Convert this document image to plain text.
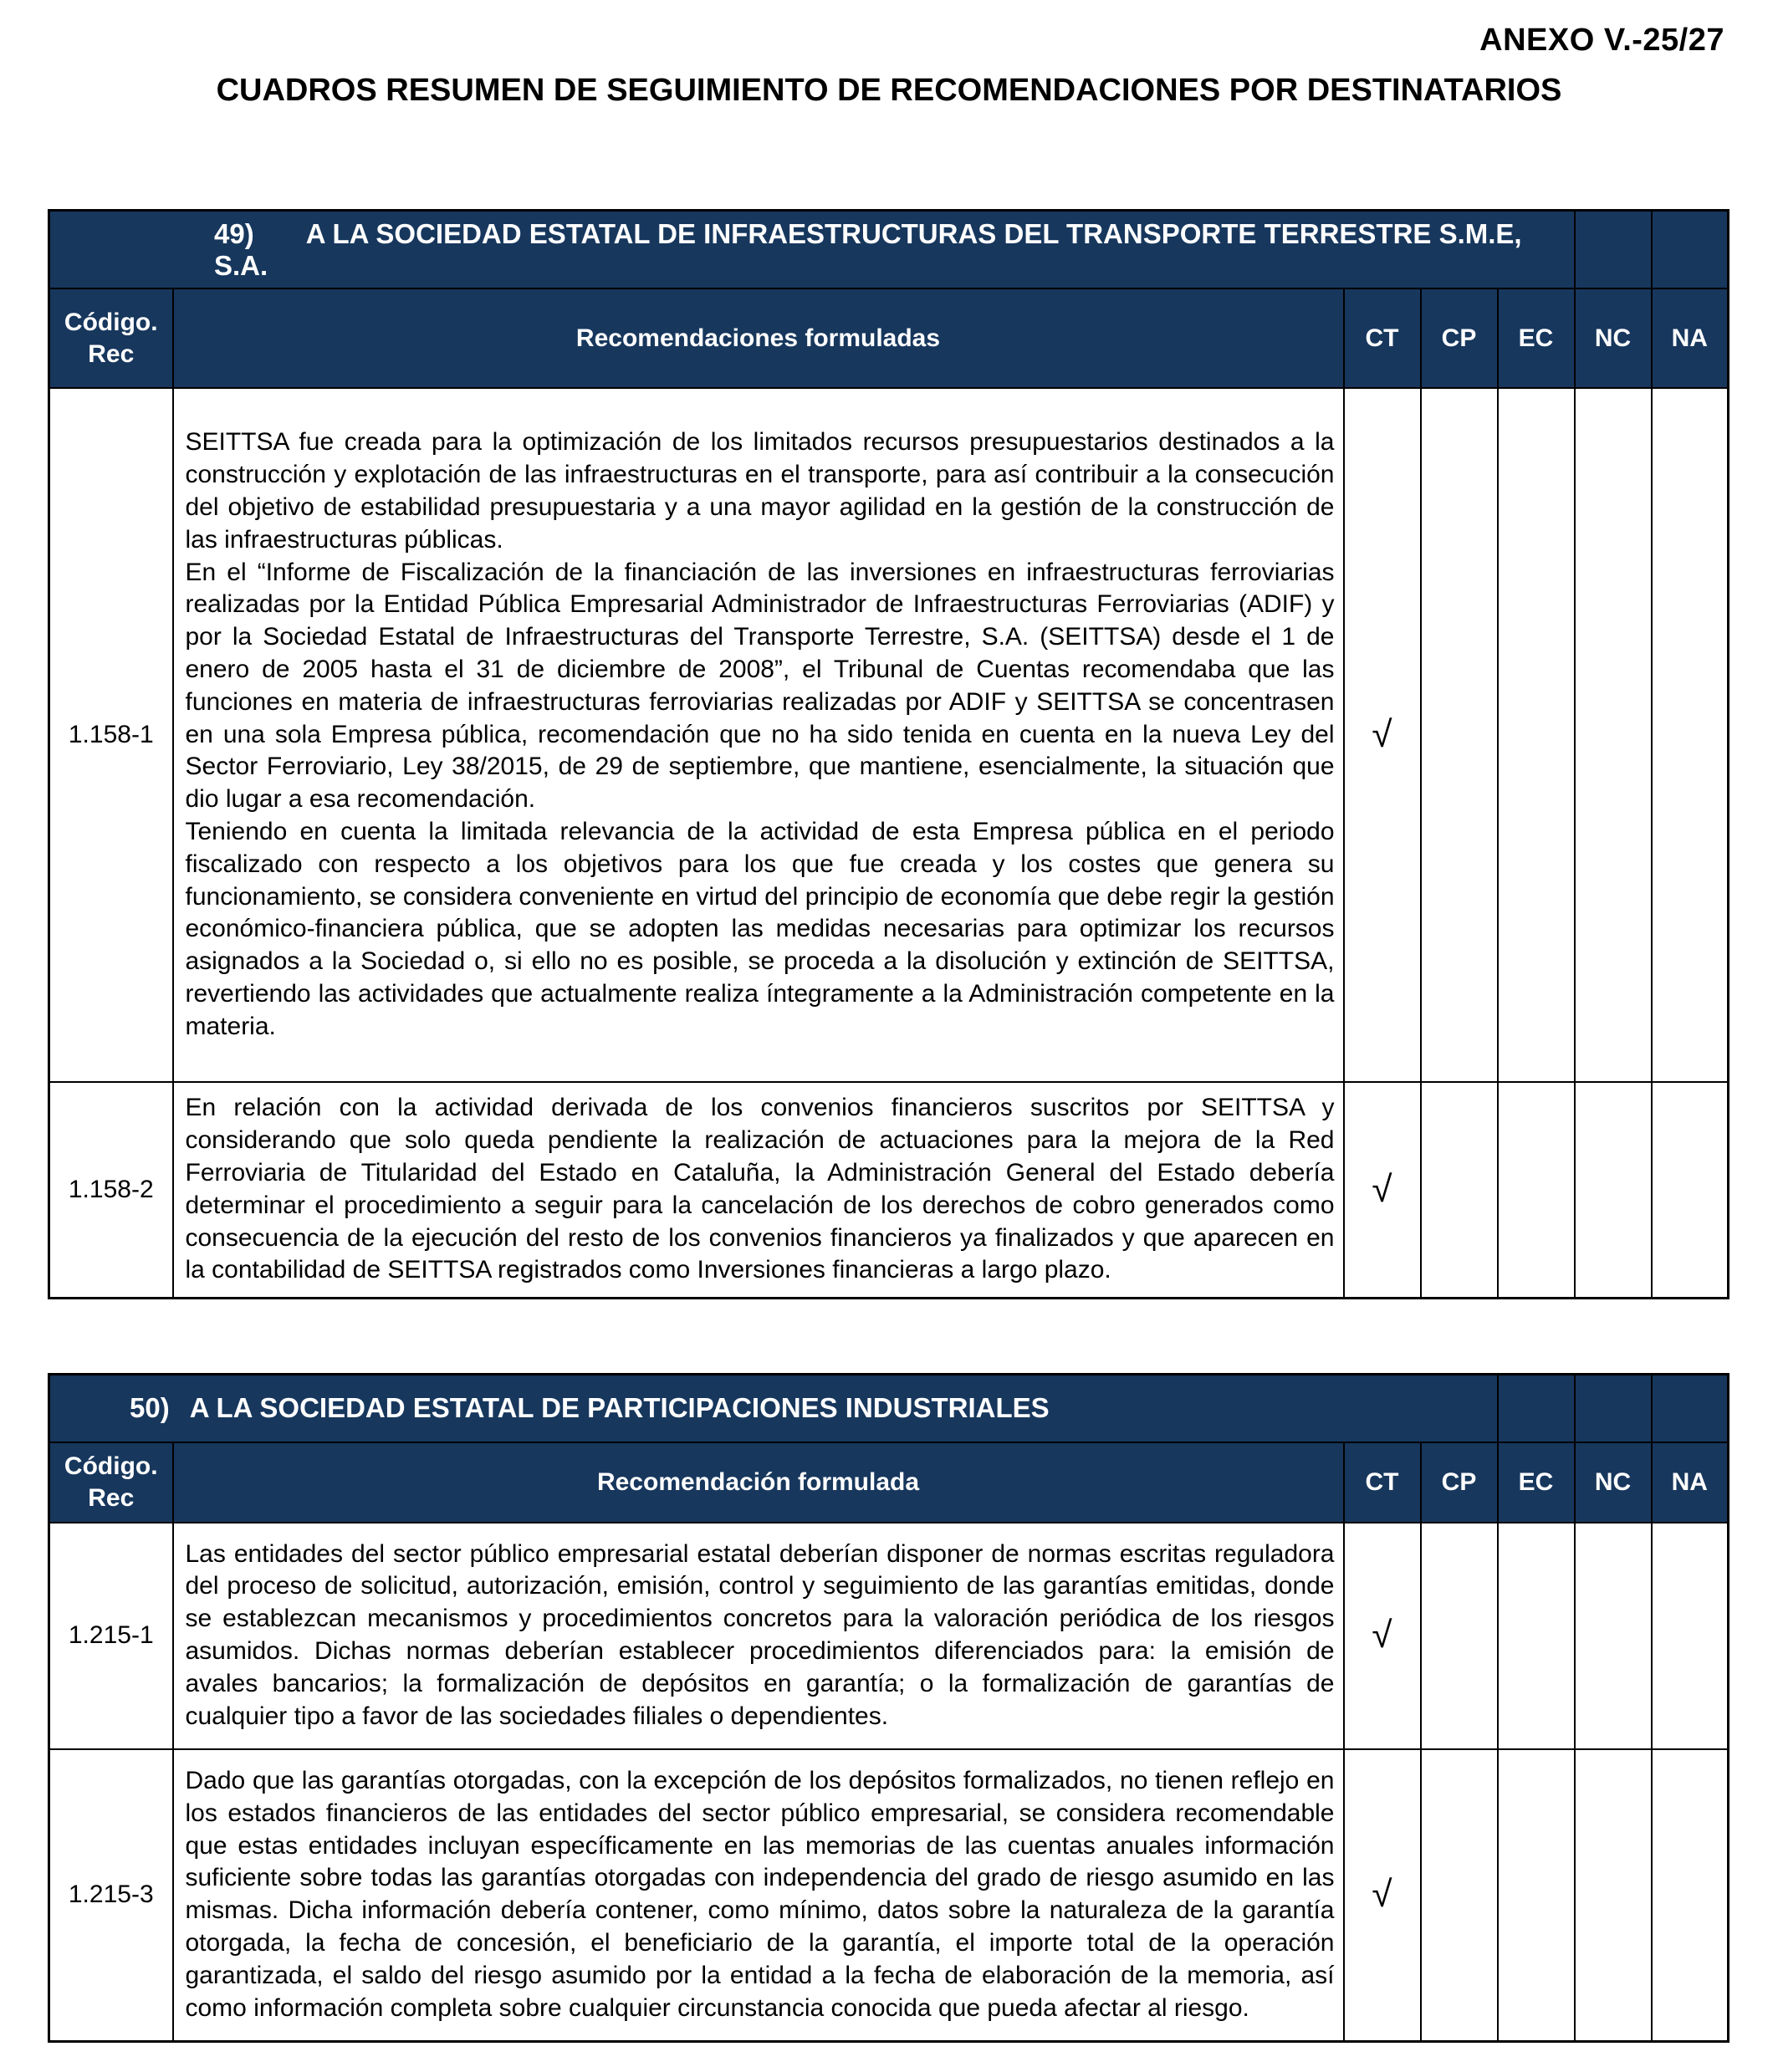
ANEXO V.-25/27
CUADROS RESUMEN DE SEGUIMIENTO DE RECOMENDACIONES POR DESTINATARIOS
49) A LA SOCIEDAD ESTATAL DE INFRAESTRUCTURAS DEL TRANSPORTE TERRESTRE S.M.E, S.A.						

Código.
Rec	Recomendaciones formuladas	CT	CP	EC	NC	NA
1.158-1	SEITTSA fue creada para la optimización de los limitados recursos presupuestarios destinados a la construcción y explotación de las infraestructuras en el transporte, para así contribuir a la consecución del objetivo de estabilidad presupuestaria y a una mayor agilidad en la gestión de la construcción de las infraestructuras públicas.

En el “Informe de Fiscalización de la financiación de las inversiones en infraestructuras ferroviarias realizadas por la Entidad Pública Empresarial Administrador de Infraestructuras Ferroviarias (ADIF) y por la Sociedad Estatal de Infraestructuras del Transporte Terrestre, S.A. (SEITTSA) desde el 1 de enero de 2005 hasta el 31 de diciembre de 2008”, el Tribunal de Cuentas recomendaba que las funciones en materia de infraestructuras ferroviarias realizadas por ADIF y SEITTSA se concentrasen en una sola Empresa pública, recomendación que no ha sido tenida en cuenta en la nueva Ley del Sector Ferroviario, Ley 38/2015, de 29 de septiembre, que mantiene, esencialmente, la situación que dio lugar a esa recomendación.

Teniendo en cuenta la limitada relevancia de la actividad de esta Empresa pública en el periodo fiscalizado con respecto a los objetivos para los que fue creada y los costes que genera su funcionamiento, se considera conveniente en virtud del principio de economía que debe regir la gestión económico-financiera pública, que se adopten las medidas necesarias para optimizar los recursos asignados a la Sociedad o, si ello no es posible, se proceda a la disolución y extinción de SEITTSA, revertiendo las actividades que actualmente realiza íntegramente a la Administración competente en la materia.	√				
1.158-2	En relación con la actividad derivada de los convenios financieros suscritos por SEITTSA y considerando que solo queda pendiente la realización de actuaciones para la mejora de la Red Ferroviaria de Titularidad del Estado en Cataluña, la Administración General del Estado debería determinar el procedimiento a seguir para la cancelación de los derechos de cobro generados como consecuencia de la ejecución del resto de los convenios financieros ya finalizados y que aparecen en la contabilidad de SEITTSA registrados como Inversiones financieras a largo plazo.	√				
50) A LA SOCIEDAD ESTATAL DE PARTICIPACIONES INDUSTRIALES						

Código.
Rec	Recomendación formulada	CT	CP	EC	NC	NA
1.215-1	Las entidades del sector público empresarial estatal deberían disponer de normas escritas reguladora del proceso de solicitud, autorización, emisión, control y seguimiento de las garantías emitidas, donde se establezcan mecanismos y procedimientos concretos para la valoración periódica de los riesgos asumidos. Dichas normas deberían establecer procedimientos diferenciados para: la emisión de avales bancarios; la formalización de depósitos en garantía; o la formalización de garantías de cualquier tipo a favor de las sociedades filiales o dependientes.	√				
1.215-3	Dado que las garantías otorgadas, con la excepción de los depósitos formalizados, no tienen reflejo en los estados financieros de las entidades del sector público empresarial, se considera recomendable que estas entidades incluyan específicamente en las memorias de las cuentas anuales información suficiente sobre todas las garantías otorgadas con independencia del grado de riesgo asumido en las mismas. Dicha información debería contener, como mínimo, datos sobre la naturaleza de la garantía otorgada, la fecha de concesión, el beneficiario de la garantía, el importe total de la operación garantizada, el saldo del riesgo asumido por la entidad a la fecha de elaboración de la memoria, así como información completa sobre cualquier circunstancia conocida que pueda afectar al riesgo.	√				
